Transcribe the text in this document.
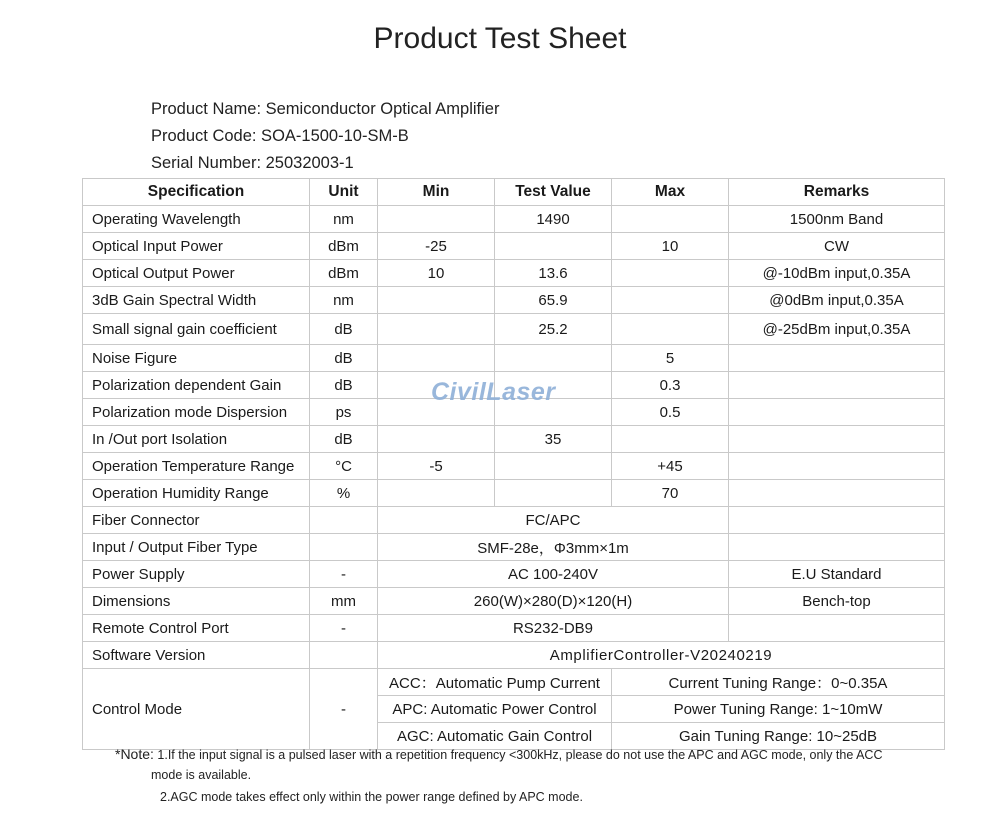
Product Test Sheet
Product Name: Semiconductor Optical Amplifier
Product Code: SOA-1500-10-SM-B
Serial Number: 25032003-1
Specification	Unit	Min	Test Value	Max	Remarks
Operating Wavelength	nm		1490		1500nm Band
Optical Input Power	dBm	-25		10	CW
Optical Output Power	dBm	10	13.6		@-10dBm input,0.35A
3dB Gain Spectral Width	nm		65.9		@0dBm input,0.35A
Small signal gain coefficient	dB		25.2		@-25dBm input,0.35A
Noise Figure	dB			5	
Polarization dependent Gain	dB			0.3	
Polarization mode Dispersion	ps			0.5	
In /Out port Isolation	dB		35		
Operation Temperature Range	°C	-5		+45	
Operation Humidity Range	%			70	
Fiber Connector		FC/APC			
Input / Output Fiber Type		SMF-28e，Φ3mm×1m			
Power Supply	-	AC 100-240V			E.U Standard
Dimensions	mm	260(W)×280(D)×120(H)			Bench-top
Remote Control Port	-	RS232-DB9			
Software Version		AmplifierController-V20240219			
Control Mode	-	ACC：Automatic Pump Current		Current Tuning Range：0~0.35A	
		APC: Automatic Power Control		Power Tuning Range: 1~10mW	
		AGC: Automatic Gain Control		Gain Tuning Range: 10~25dB	
CivilLaser
*Note: 1.If the input signal is a pulsed laser with a repetition frequency <300kHz, please do not use the APC and AGC mode, only the ACC
mode is available.
2.AGC mode takes effect only within the power range defined by APC mode.
